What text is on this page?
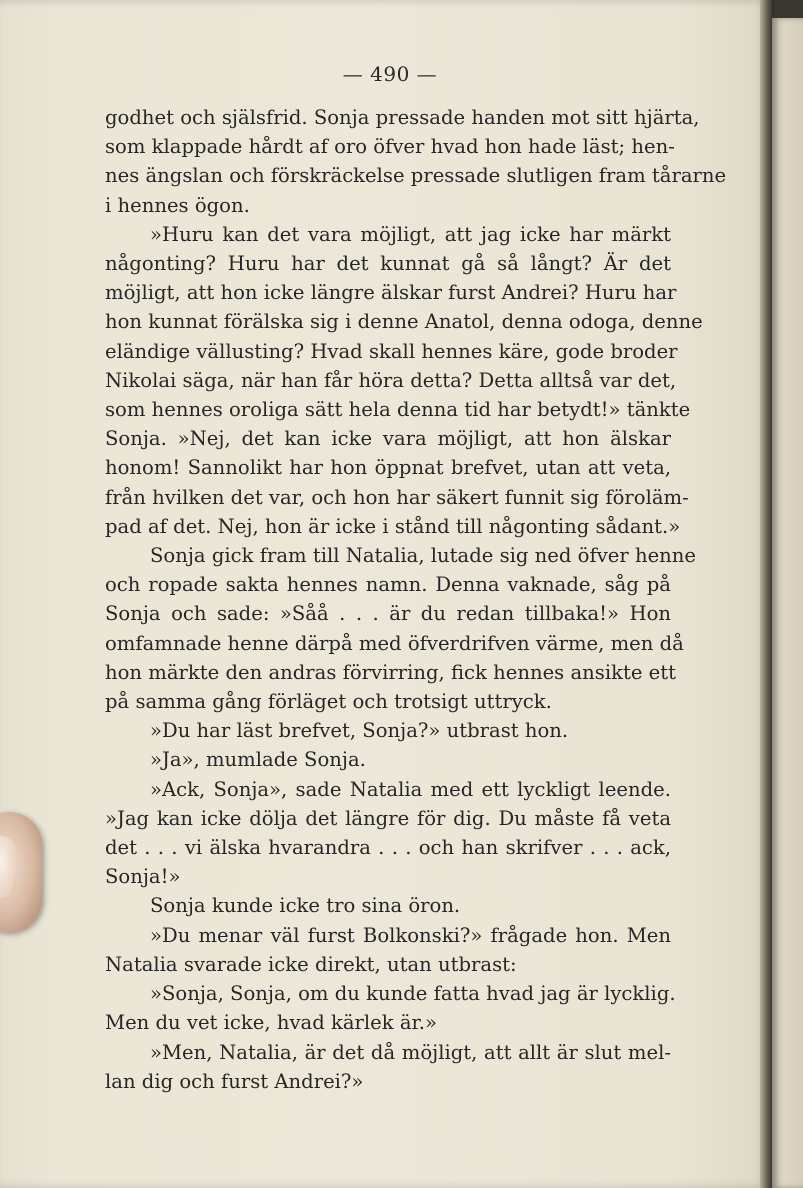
— 490 —
godhet och själsfrid. Sonja pressade handen mot sitt hjärta,
som klappade hårdt af oro öfver hvad hon hade läst; hen-
nes ängslan och förskräckelse pressade slutligen fram tårarne
i hennes ögon.
»Huru kan det vara möjligt, att jag icke har märkt
någonting? Huru har det kunnat gå så långt? Är det
möjligt, att hon icke längre älskar furst Andrei? Huru har
hon kunnat förälska sig i denne Anatol, denna odoga, denne
eländige vällusting? Hvad skall hennes käre, gode broder
Nikolai säga, när han får höra detta? Detta alltså var det,
som hennes oroliga sätt hela denna tid har betydt!» tänkte
Sonja. »Nej, det kan icke vara möjligt, att hon älskar
honom! Sannolikt har hon öppnat brefvet, utan att veta,
från hvilken det var, och hon har säkert funnit sig föroläm-
pad af det. Nej, hon är icke i stånd till någonting sådant.»
Sonja gick fram till Natalia, lutade sig ned öfver henne
och ropade sakta hennes namn. Denna vaknade, såg på
Sonja och sade: »Såå . . . är du redan tillbaka!» Hon
omfamnade henne därpå med öfverdrifven värme, men då
hon märkte den andras förvirring, fick hennes ansikte ett
på samma gång förläget och trotsigt uttryck.
»Du har läst brefvet, Sonja?» utbrast hon.
»Ja», mumlade Sonja.
»Ack, Sonja», sade Natalia med ett lyckligt leende.
»Jag kan icke dölja det längre för dig. Du måste få veta
det . . . vi älska hvarandra . . . och han skrifver . . . ack,
Sonja!»
Sonja kunde icke tro sina öron.
»Du menar väl furst Bolkonski?» frågade hon. Men
Natalia svarade icke direkt, utan utbrast:
»Sonja, Sonja, om du kunde fatta hvad jag är lycklig.
Men du vet icke, hvad kärlek är.»
»Men, Natalia, är det då möjligt, att allt är slut mel-
lan dig och furst Andrei?»
